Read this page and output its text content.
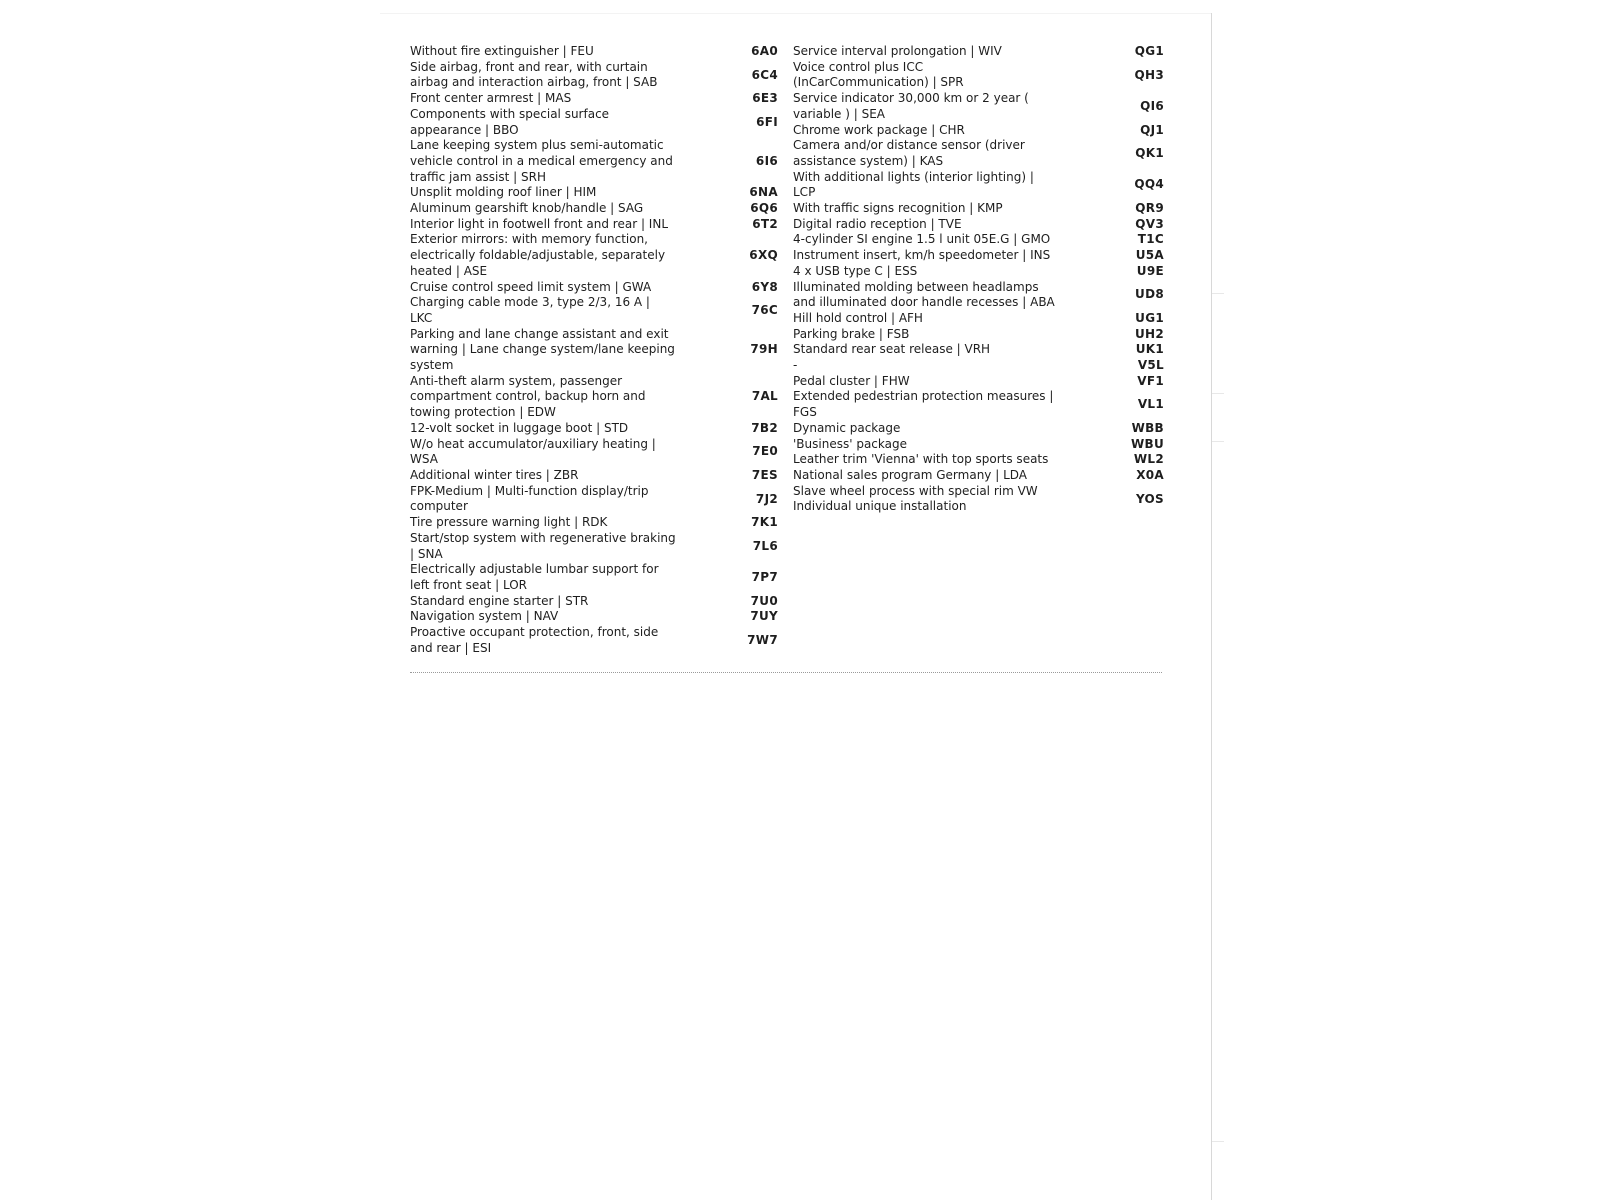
Without fire extinguisher | FEU	6A0
Side airbag, front and rear, with curtain
airbag and interaction airbag, front | SAB
6C4
Front center armrest | MAS	6E3
Components with special surface
appearance | BBO
6FI
Lane keeping system plus semi-automatic
vehicle control in a medical emergency and
traffic jam assist | SRH
6I6
Unsplit molding roof liner | HIM	6NA
Aluminum gearshift knob/handle | SAG	6Q6
Interior light in footwell front and rear | INL	6T2
Exterior mirrors: with memory function,
electrically foldable/adjustable, separately
heated | ASE
6XQ
Cruise control speed limit system | GWA	6Y8
Charging cable mode 3, type 2/3, 16 A |
LKC
76C
Parking and lane change assistant and exit
warning | Lane change system/lane keeping
system
79H
Anti-theft alarm system, passenger
compartment control, backup horn and
towing protection | EDW
7AL
12-volt socket in luggage boot | STD	7B2
W/o heat accumulator/auxiliary heating |
WSA
7E0
Additional winter tires | ZBR	7ES
FPK-Medium | Multi-function display/trip
computer
7J2
Tire pressure warning light | RDK	7K1
Start/stop system with regenerative braking
| SNA
7L6
Electrically adjustable lumbar support for
left front seat | LOR
7P7
Standard engine starter | STR	7U0
Navigation system | NAV	7UY
Proactive occupant protection, front, side
and rear | ESI
7W7
Service interval prolongation | WIV	QG1
Voice control plus ICC
(InCarCommunication) | SPR
QH3
Service indicator 30,000 km or 2 year (
variable ) | SEA
QI6
Chrome work package | CHR	QJ1
Camera and/or distance sensor (driver
assistance system) | KAS
QK1
With additional lights (interior lighting) |
LCP
QQ4
With traffic signs recognition | KMP	QR9
Digital radio reception | TVE	QV3
4-cylinder SI engine 1.5 l unit 05E.G | GMO	T1C
Instrument insert, km/h speedometer | INS	U5A
4 x USB type C | ESS	U9E
Illuminated molding between headlamps
and illuminated door handle recesses | ABA
UD8
Hill hold control | AFH	UG1
Parking brake | FSB	UH2
Standard rear seat release | VRH	UK1
-	V5L
Pedal cluster | FHW	VF1
Extended pedestrian protection measures |
FGS
VL1
Dynamic package	WBB
'Business' package	WBU
Leather trim 'Vienna' with top sports seats	WL2
National sales program Germany | LDA	X0A
Slave wheel process with special rim VW
Individual unique installation
YOS
